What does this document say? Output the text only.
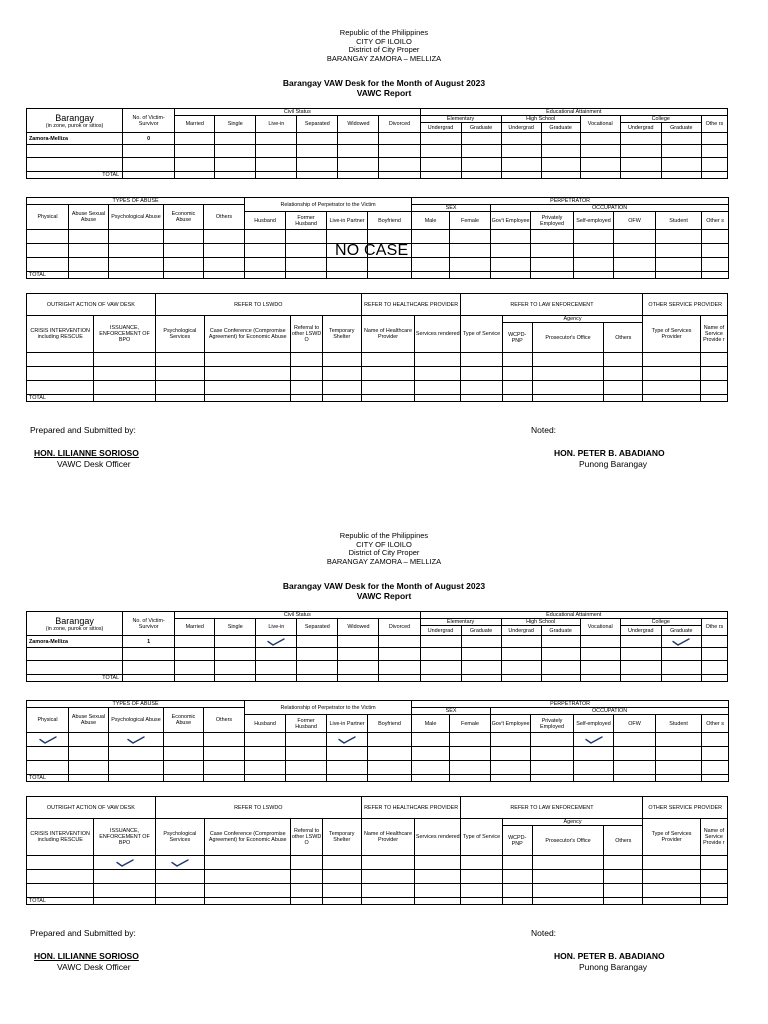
Republic of the Philippines
CITY OF ILOILO
District of City Proper
BARANGAY ZAMORA – MELLIZA
Barangay VAW Desk for the Month of August 2023
VAWC Report
Barangay
(in zone, purok or sitios)	No. of Victim-Survivor	Civil Status						Educational Attainment							
		Married	Single	Live-in	Separated	Widowed	Divorced	Elementary		High School		Vocational	College		Othe rs
								Undergrad	Graduate	Undergrad	Graduate		Undergrad	Graduate	
Zamora-Melliza	0														

TOTAL															
TYPES OF ABUSE					Relationship of Perpetrator to the Victim				PERPETRATOR							
Physical	Abuse Sexual Abuse	Psychological Abuse	Economic Abuse	Others					SEX		OCCUPATION					
					Husband	Former Husband	Live-in Partner	Boyfriend	Male	Female	Gov't Employee	Privately Employed	Self-employed	OFW	Student	Other s

TOTAL																
OUTRIGHT ACTION OF VAW DESK		REFER TO LSWDO				REFER TO HEALTHCARE PROVIDER		REFER TO LAW ENFORCEMENT				OTHER SERVICE PROVIDER	
CRISIS INTERVENTION including RESCUE	ISSUANCE, ENFORCEMENT OF BPO	Psychological Services	Case Conference (Compromise Agreement) for Economic Abuse	Referral to other LSWD O	Temporary Shelter	Name of Healthcare Provider	Services rendered	Type of Service	Agency			Type of Services Provider	Name of Service Provide r
									WCPD-PNP	Prosecutor's Office	Others		

TOTAL													
Prepared and Submitted by:	Noted:
HON. LILIANNE SORIOSO
VAWC Desk Officer
HON. PETER B. ABADIANO
Punong Barangay
NO CASE
Republic of the Philippines
CITY OF ILOILO
District of City Proper
BARANGAY ZAMORA – MELLIZA
Barangay VAW Desk for the Month of August 2023
VAWC Report
Barangay
(in zone, purok or sitios)	No. of Victim-Survivor	Civil Status						Educational Attainment							
		Married	Single	Live-in	Separated	Widowed	Divorced	Elementary		High School		Vocational	College		Othe rs
								Undergrad	Graduate	Undergrad	Graduate		Undergrad	Graduate	
Zamora-Melliza	1														

TOTAL															
TYPES OF ABUSE					Relationship of Perpetrator to the Victim				PERPETRATOR							
Physical	Abuse Sexual Abuse	Psychological Abuse	Economic Abuse	Others					SEX		OCCUPATION					
					Husband	Former Husband	Live-in Partner	Boyfriend	Male	Female	Gov't Employee	Privately Employed	Self-employed	OFW	Student	Other s

TOTAL																
OUTRIGHT ACTION OF VAW DESK		REFER TO LSWDO				REFER TO HEALTHCARE PROVIDER		REFER TO LAW ENFORCEMENT				OTHER SERVICE PROVIDER	
CRISIS INTERVENTION including RESCUE	ISSUANCE, ENFORCEMENT OF BPO	Psychological Services	Case Conference (Compromise Agreement) for Economic Abuse	Referral to other LSWD O	Temporary Shelter	Name of Healthcare Provider	Services rendered	Type of Service	Agency			Type of Services Provider	Name of Service Provide r
									WCPD-PNP	Prosecutor's Office	Others		

TOTAL													
Prepared and Submitted by:	Noted:
HON. LILIANNE SORIOSO
VAWC Desk Officer
HON. PETER B. ABADIANO
Punong Barangay
